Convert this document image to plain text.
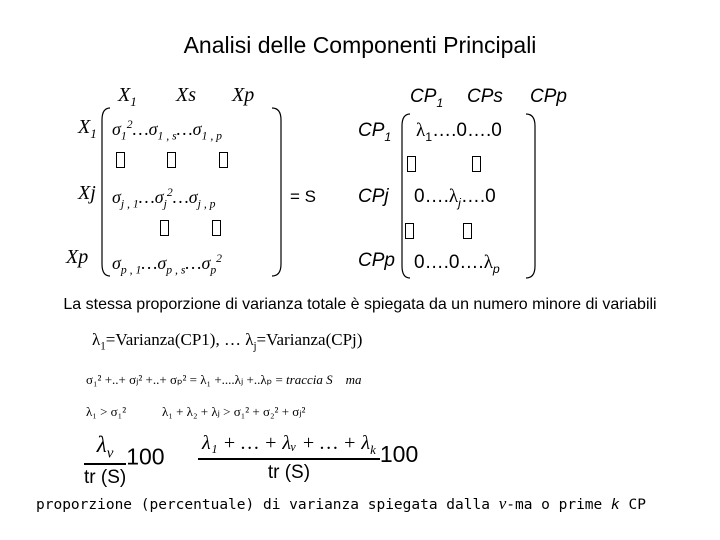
Analisi delle Componenti Principali
$X_1$ Xs Xp
$X_1$
Xj
Xp
$\sigma_1^2\dots\sigma_{1 , s}\dots\sigma_{1 , p}$
$\sigma_{j , 1}\dots\sigma_j^2\dots\sigma_{j , p}$
$\sigma_{p , 1}\dots\sigma_{p , s}\dots\sigma_p^2$
= S
$CP_1$ CPs CPp
$CP_1$
CPj
CPp
$\lambda_1\dots.0\dots.0$
$0\dots.\lambda_j\dots.0$
$0\dots.0\dots.\lambda_p$
La stessa proporzione di varianza totale è spiegata da un numero minore di variabili
$\lambda_1=Varianza(CP1)$, … $\lambda_j=Varianza(CPj)$
σ₁² +..+ σⱼ² +..+ σₚ² = λ₁ +....λⱼ +..λₚ = traccia S ma
λ₁ > σ₁²	λ₁ + λ₂ + λⱼ > σ₁² + σ₂² + σⱼ²
$\frac{\lambda_v}{tr (S)} 100 \frac{\lambda_1 + \dots + \lambda ᵥ + \dots + \lambda_k}{tr (S)} 100$
proporzione (percentuale) di varianza spiegata dalla ν-ma o prime k CP
